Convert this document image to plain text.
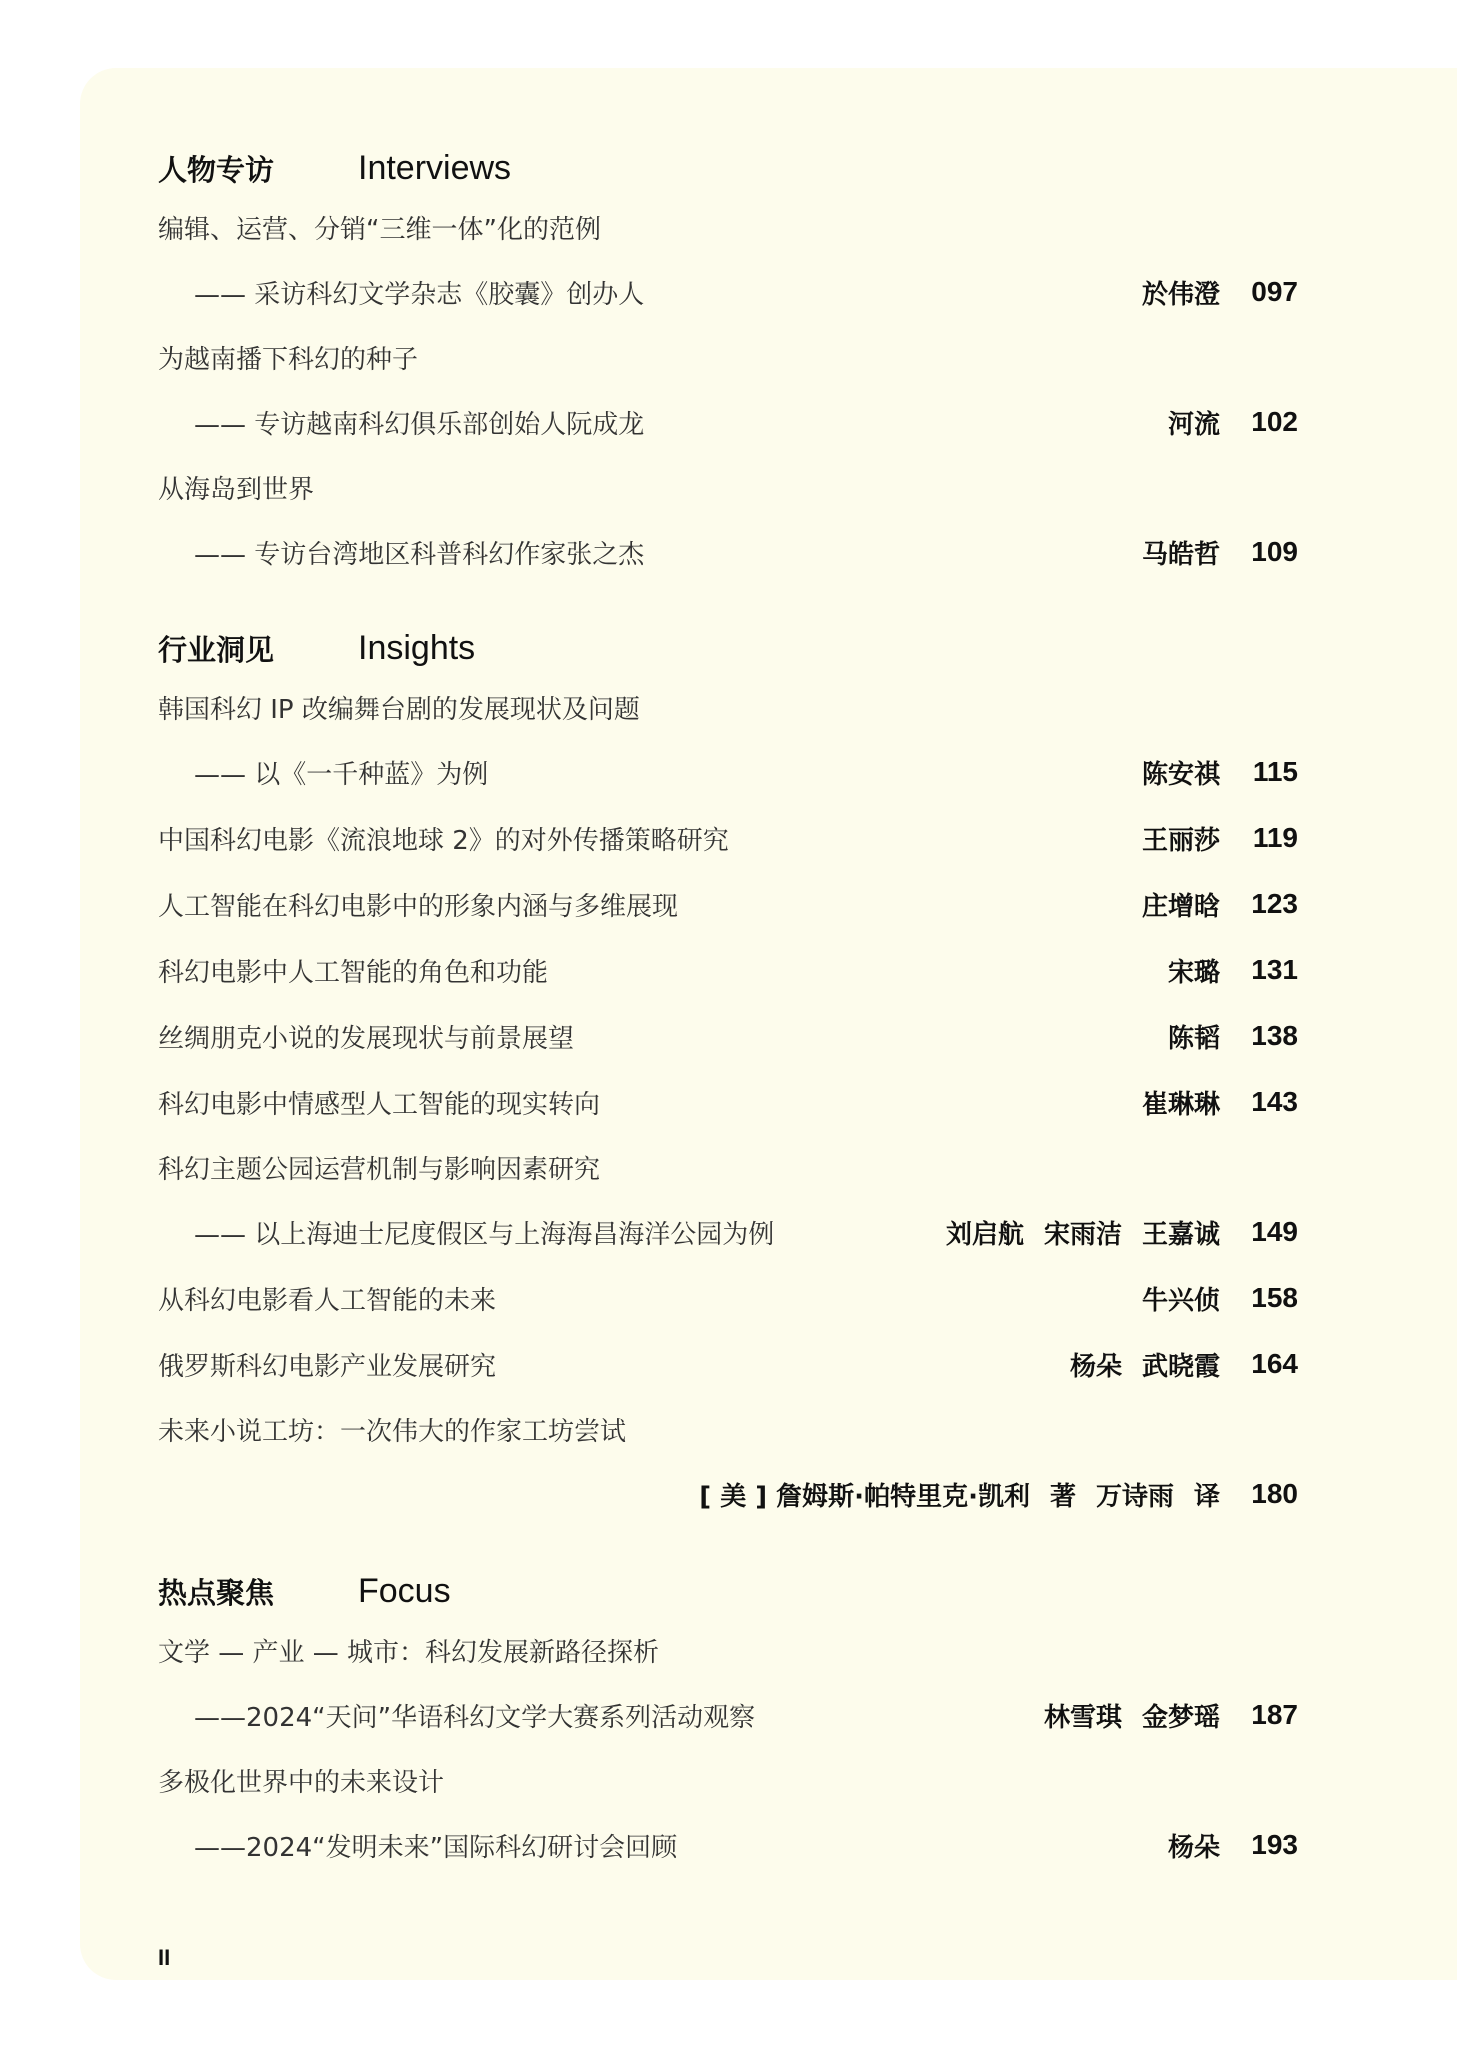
人物专访	Interviews
编辑、运营、分销“三维一体”化的范例
—— 采访科幻文学杂志《胶囊》创办人	於伟澄	097
为越南播下科幻的种子
—— 专访越南科幻俱乐部创始人阮成龙	河流	102
从海岛到世界
—— 专访台湾地区科普科幻作家张之杰	马皓哲	109
行业洞见	Insights
韩国科幻 IP 改编舞台剧的发展现状及问题
—— 以《一千种蓝》为例	陈安祺	115
中国科幻电影《流浪地球 2》的对外传播策略研究	王丽莎	119
人工智能在科幻电影中的形象内涵与多维展现	庄增晗	123
科幻电影中人工智能的角色和功能	宋璐	131
丝绸朋克小说的发展现状与前景展望	陈韬	138
科幻电影中情感型人工智能的现实转向	崔琳琳	143
科幻主题公园运营机制与影响因素研究
—— 以上海迪士尼度假区与上海海昌海洋公园为例	刘启航 宋雨洁 王嘉诚	149
从科幻电影看人工智能的未来	牛兴侦	158
俄罗斯科幻电影产业发展研究	杨朵 武晓霞	164
未来小说工坊：一次伟大的作家工坊尝试
[ 美 ] 詹姆斯·帕特里克·凯利 著 万诗雨 译	180
热点聚焦	Focus
文学 — 产业 — 城市：科幻发展新路径探析
——2024“天问”华语科幻文学大赛系列活动观察	林雪琪 金梦瑶	187
多极化世界中的未来设计
——2024“发明未来”国际科幻研讨会回顾	杨朵	193
II
